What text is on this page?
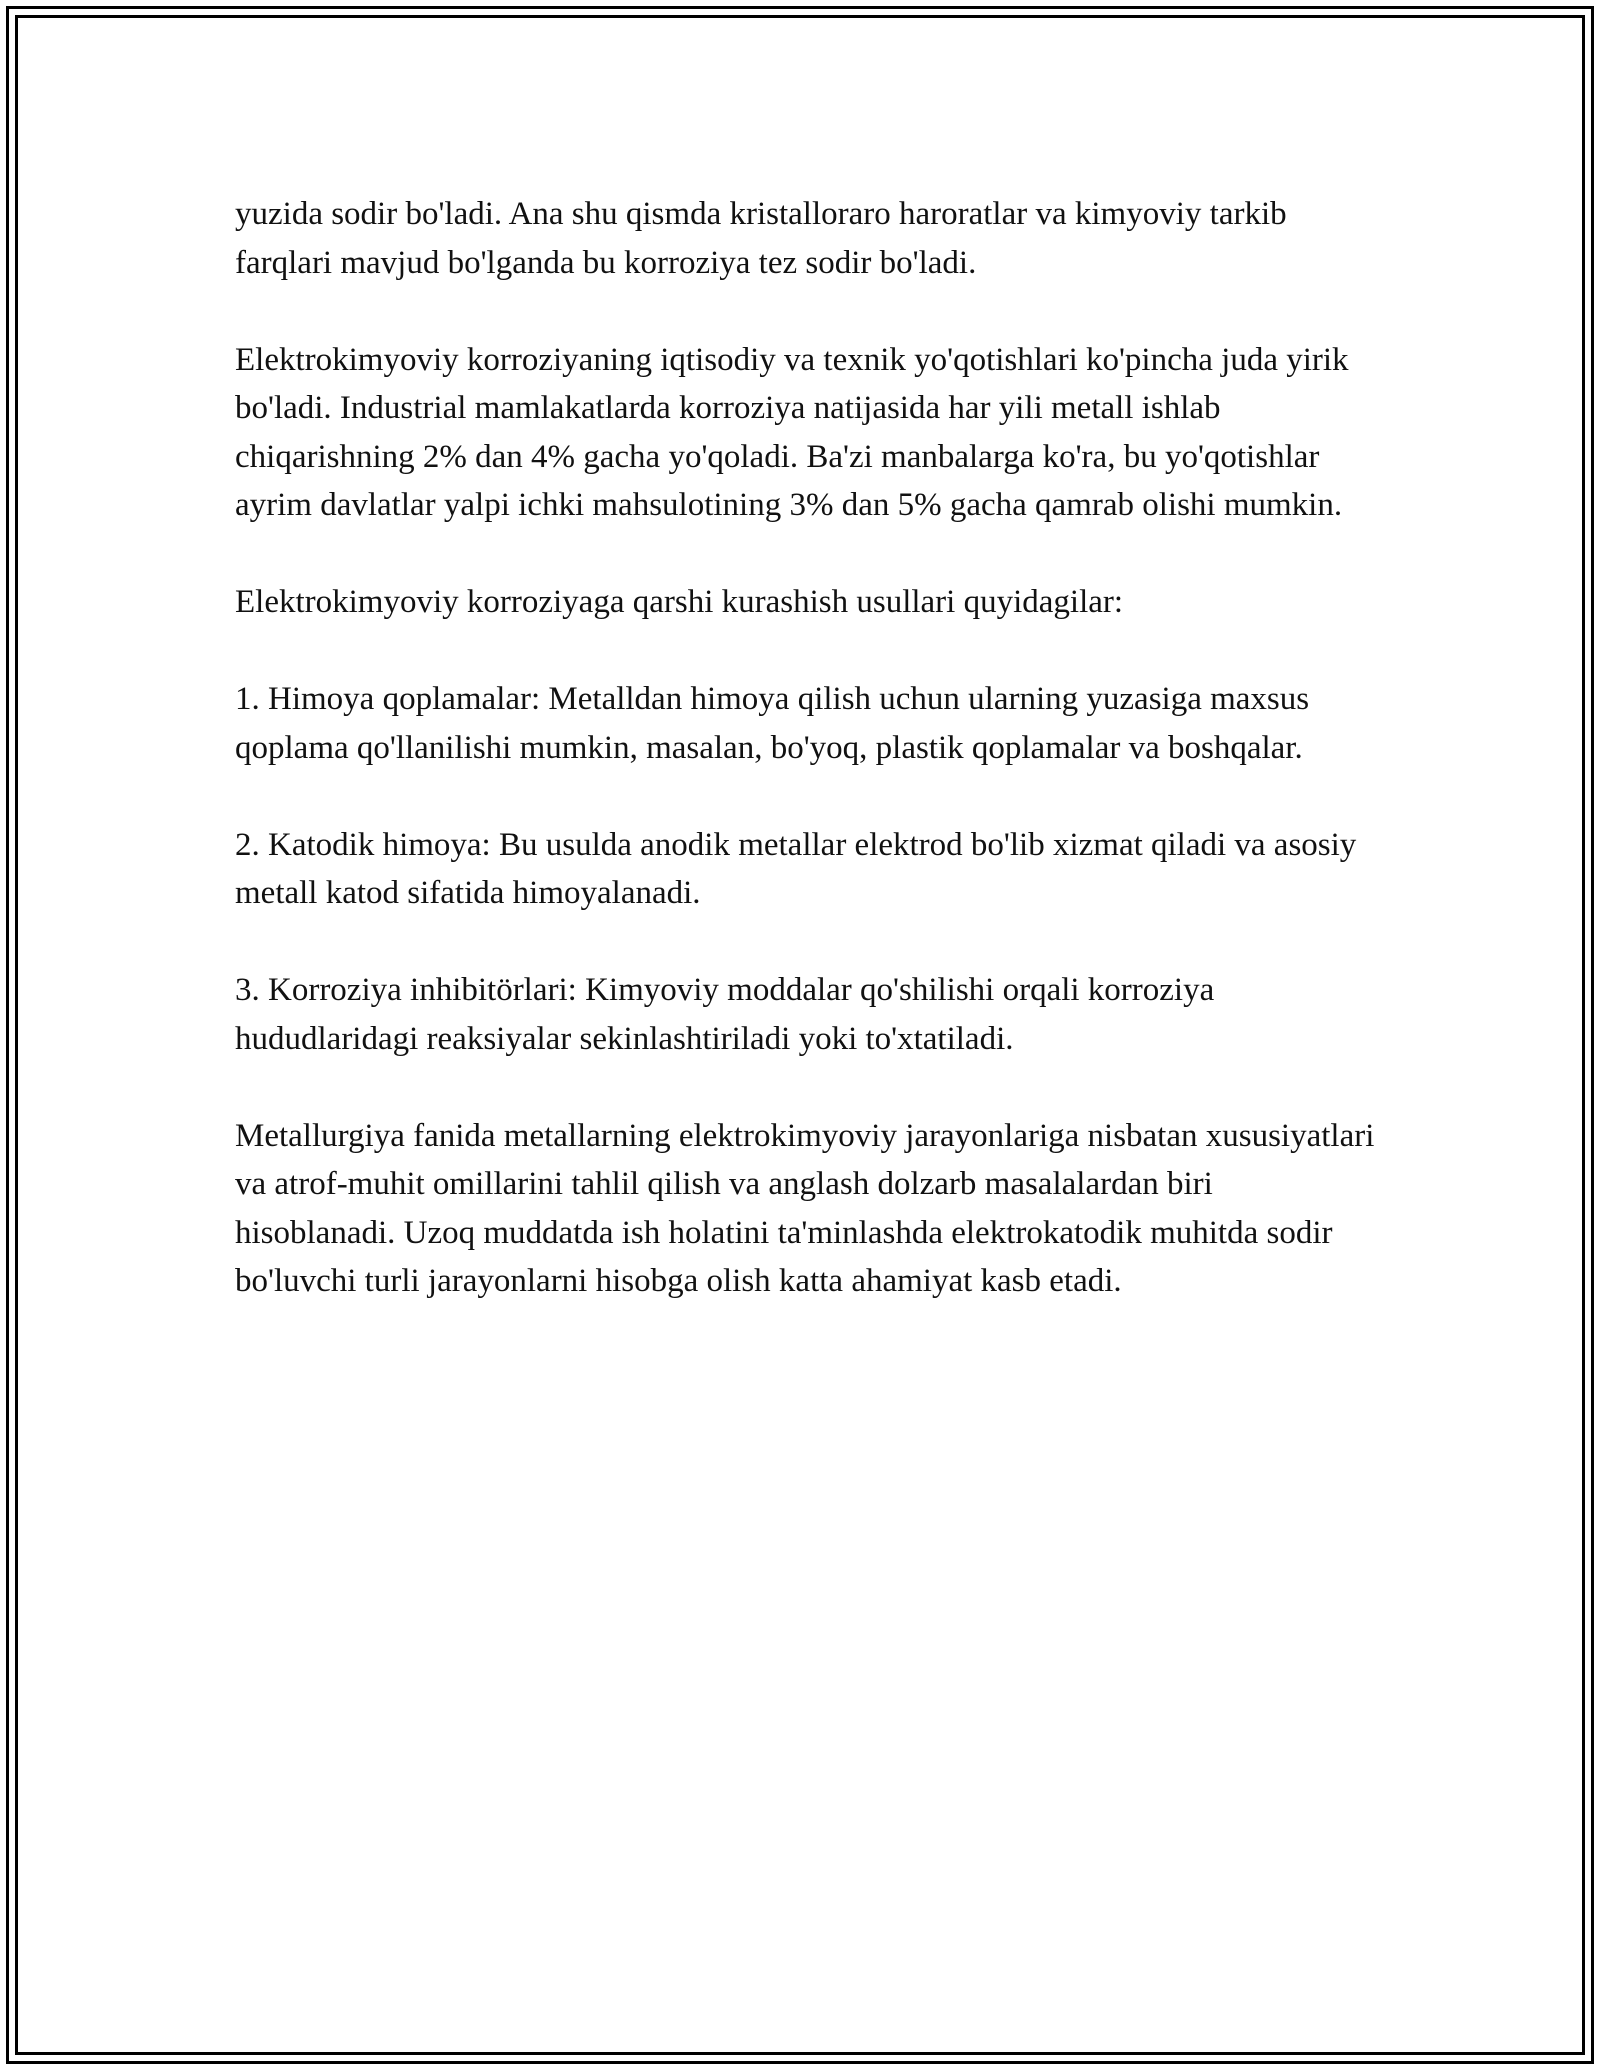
yuzida sodir bo'ladi. Ana shu qismda kristalloraro haroratlar va kimyoviy tarkib farqlari mavjud bo'lganda bu korroziya tez sodir bo'ladi.

Elektrokimyoviy korroziyaning iqtisodiy va texnik yo'qotishlari ko'pincha juda yirik bo'ladi. Industrial mamlakatlarda korroziya natijasida har yili metall ishlab chiqarishning 2% dan 4% gacha yo'qoladi. Ba'zi manbalarga ko'ra, bu yo'qotishlar ayrim davlatlar yalpi ichki mahsulotining 3% dan 5% gacha qamrab olishi mumkin.

Elektrokimyoviy korroziyaga qarshi kurashish usullari quyidagilar:

1. Himoya qoplamalar: Metalldan himoya qilish uchun ularning yuzasiga maxsus qoplama qo'llanilishi mumkin, masalan, bo'yoq, plastik qoplamalar va boshqalar.

2. Katodik himoya: Bu usulda anodik metallar elektrod bo'lib xizmat qiladi va asosiy metall katod sifatida himoyalanadi.

3. Korroziya inhibitörlari: Kimyoviy moddalar qo'shilishi orqali korroziya hududlaridagi reaksiyalar sekinlashtiriladi yoki to'xtatiladi.

Metallurgiya fanida metallarning elektrokimyoviy jarayonlariga nisbatan xususiyatlari va atrof-muhit omillarini tahlil qilish va anglash dolzarb masalalardan biri hisoblanadi. Uzoq muddatda ish holatini ta'minlashda elektrokatodik muhitda sodir bo'luvchi turli jarayonlarni hisobga olish katta ahamiyat kasb etadi.
